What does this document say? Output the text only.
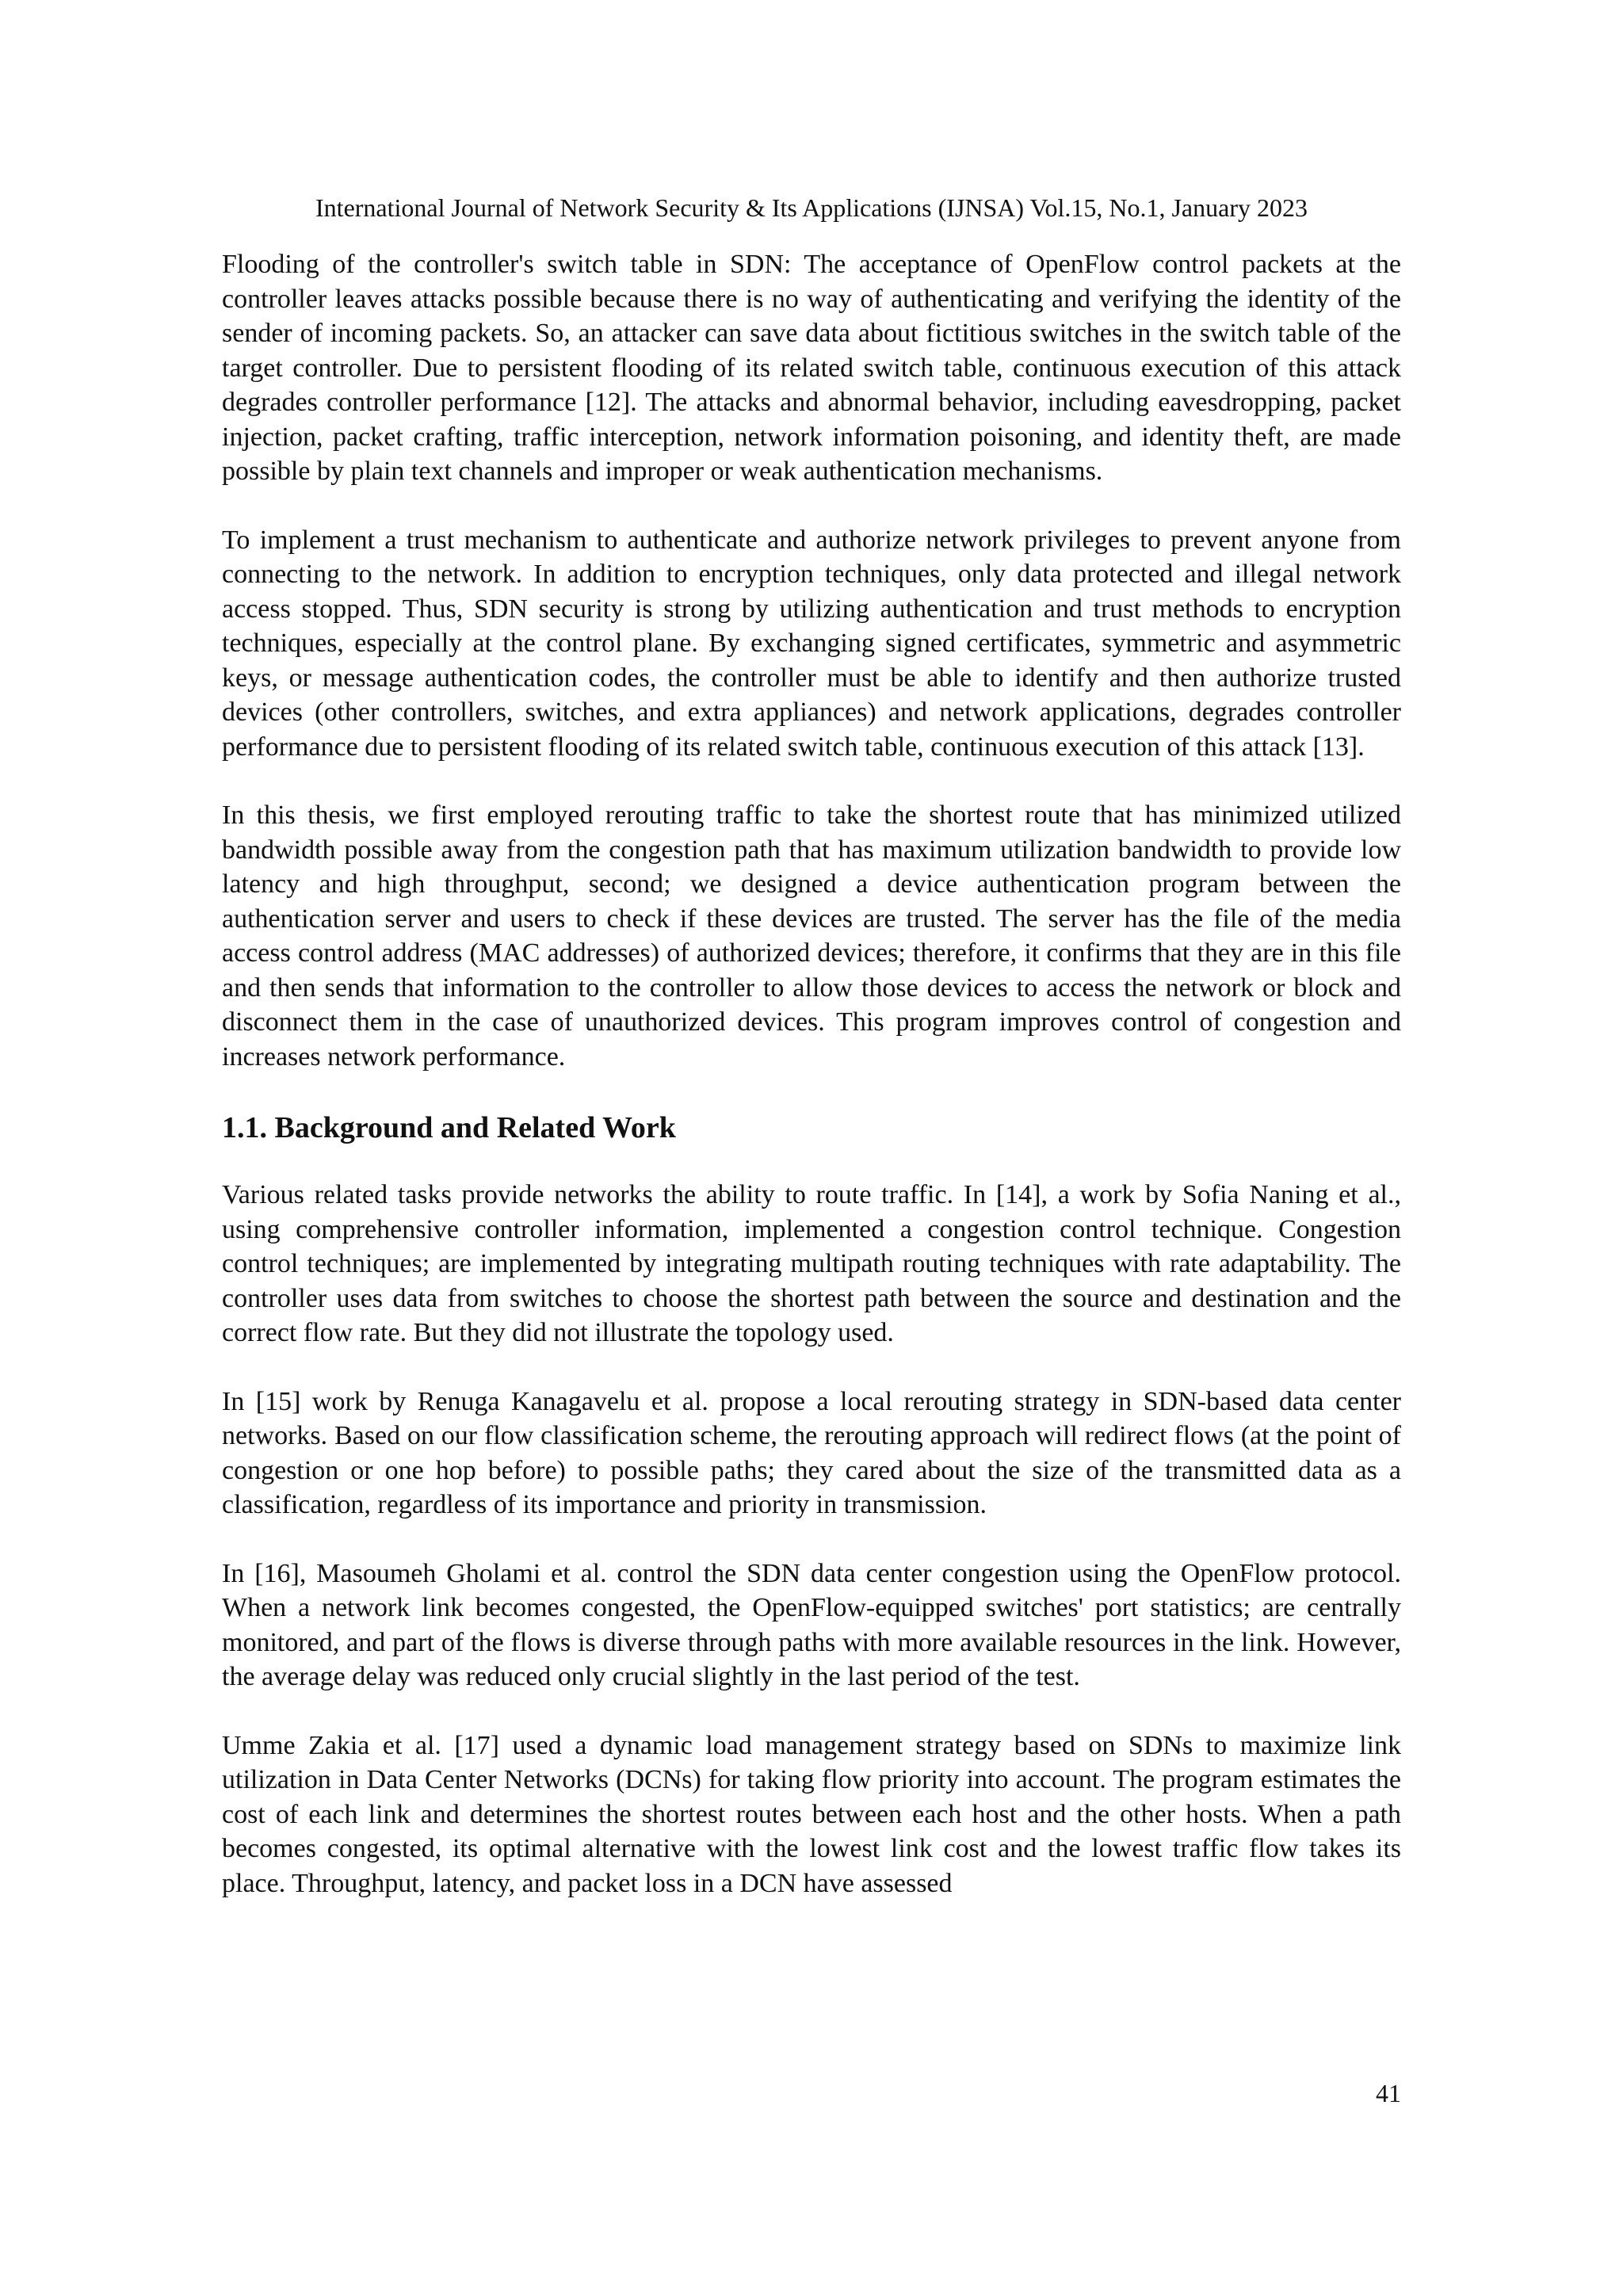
International Journal of Network Security & Its Applications (IJNSA) Vol.15, No.1, January 2023

Flooding of the controller's switch table in SDN: The acceptance of OpenFlow control packets at the controller leaves attacks possible because there is no way of authenticating and verifying the identity of the sender of incoming packets. So, an attacker can save data about fictitious switches in the switch table of the target controller. Due to persistent flooding of its related switch table, continuous execution of this attack degrades controller performance [12]. The attacks and abnormal behavior, including eavesdropping, packet injection, packet crafting, traffic interception, network information poisoning, and identity theft, are made possible by plain text channels and improper or weak authentication mechanisms.

To implement a trust mechanism to authenticate and authorize network privileges to prevent anyone from connecting to the network. In addition to encryption techniques, only data protected and illegal network access stopped. Thus, SDN security is strong by utilizing authentication and trust methods to encryption techniques, especially at the control plane. By exchanging signed certificates, symmetric and asymmetric keys, or message authentication codes, the controller must be able to identify and then authorize trusted devices (other controllers, switches, and extra appliances) and network applications, degrades controller performance due to persistent flooding of its related switch table, continuous execution of this attack [13].

In this thesis, we first employed rerouting traffic to take the shortest route that has minimized utilized bandwidth possible away from the congestion path that has maximum utilization bandwidth to provide low latency and high throughput, second; we designed a device authentication program between the authentication server and users to check if these devices are trusted. The server has the file of the media access control address (MAC addresses) of authorized devices; therefore, it confirms that they are in this file and then sends that information to the controller to allow those devices to access the network or block and disconnect them in the case of unauthorized devices. This program improves control of congestion and increases network performance.

1.1. Background and Related Work

Various related tasks provide networks the ability to route traffic. In [14], a work by Sofia Naning et al., using comprehensive controller information, implemented a congestion control technique. Congestion control techniques; are implemented by integrating multipath routing techniques with rate adaptability. The controller uses data from switches to choose the shortest path between the source and destination and the correct flow rate. But they did not illustrate the topology used.

In [15] work by Renuga Kanagavelu et al. propose a local rerouting strategy in SDN-based data center networks. Based on our flow classification scheme, the rerouting approach will redirect flows (at the point of congestion or one hop before) to possible paths; they cared about the size of the transmitted data as a classification, regardless of its importance and priority in transmission.

In [16], Masoumeh Gholami et al. control the SDN data center congestion using the OpenFlow protocol. When a network link becomes congested, the OpenFlow-equipped switches' port statistics; are centrally monitored, and part of the flows is diverse through paths with more available resources in the link. However, the average delay was reduced only crucial slightly in the last period of the test.

Umme Zakia et al. [17] used a dynamic load management strategy based on SDNs to maximize link utilization in Data Center Networks (DCNs) for taking flow priority into account. The program estimates the cost of each link and determines the shortest routes between each host and the other hosts. When a path becomes congested, its optimal alternative with the lowest link cost and the lowest traffic flow takes its place. Throughput, latency, and packet loss in a DCN have assessed

41
